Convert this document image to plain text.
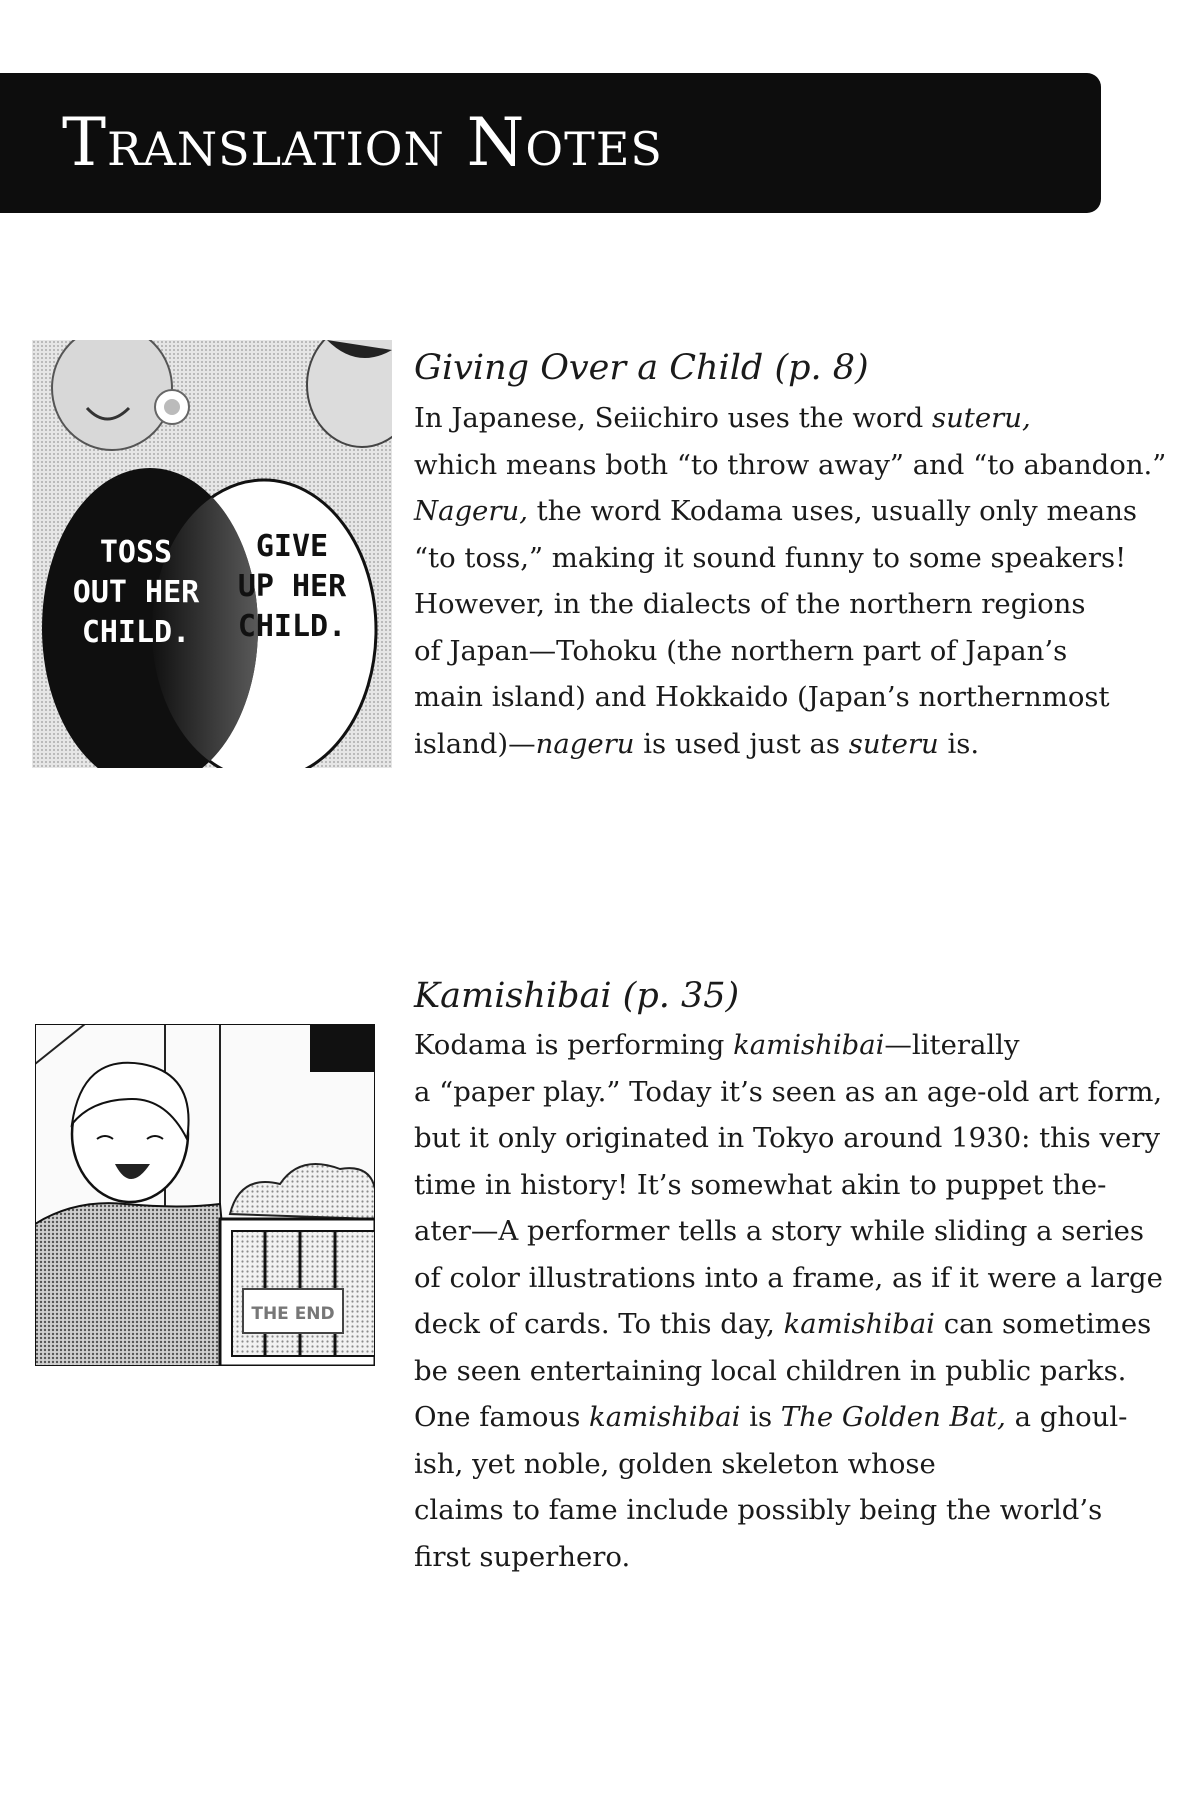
Translation Notes
TOSS
OUT HER
CHILD.
GIVE
UP HER
CHILD.
Giving Over a Child (p. 8)
In Japanese, Seiichiro uses the word suteru,
which means both “to throw away” and “to abandon.”
Nageru, the word Kodama uses, usually only means
“to toss,” making it sound funny to some speakers!
However, in the dialects of the northern regions
of Japan—Tohoku (the northern part of Japan’s
main island) and Hokkaido (Japan’s northernmost
island)—nageru is used just as suteru is.
THE END
Kamishibai (p. 35)
Kodama is performing kamishibai—literally
a “paper play.” Today it’s seen as an age-old art form,
but it only originated in Tokyo around 1930: this very
time in history! It’s somewhat akin to puppet the-
ater—A performer tells a story while sliding a series
of color illustrations into a frame, as if it were a large
deck of cards. To this day, kamishibai can sometimes
be seen entertaining local children in public parks.
One famous kamishibai is The Golden Bat, a ghoul-
ish, yet noble, golden skeleton whose
claims to fame include possibly being the world’s
first superhero.
